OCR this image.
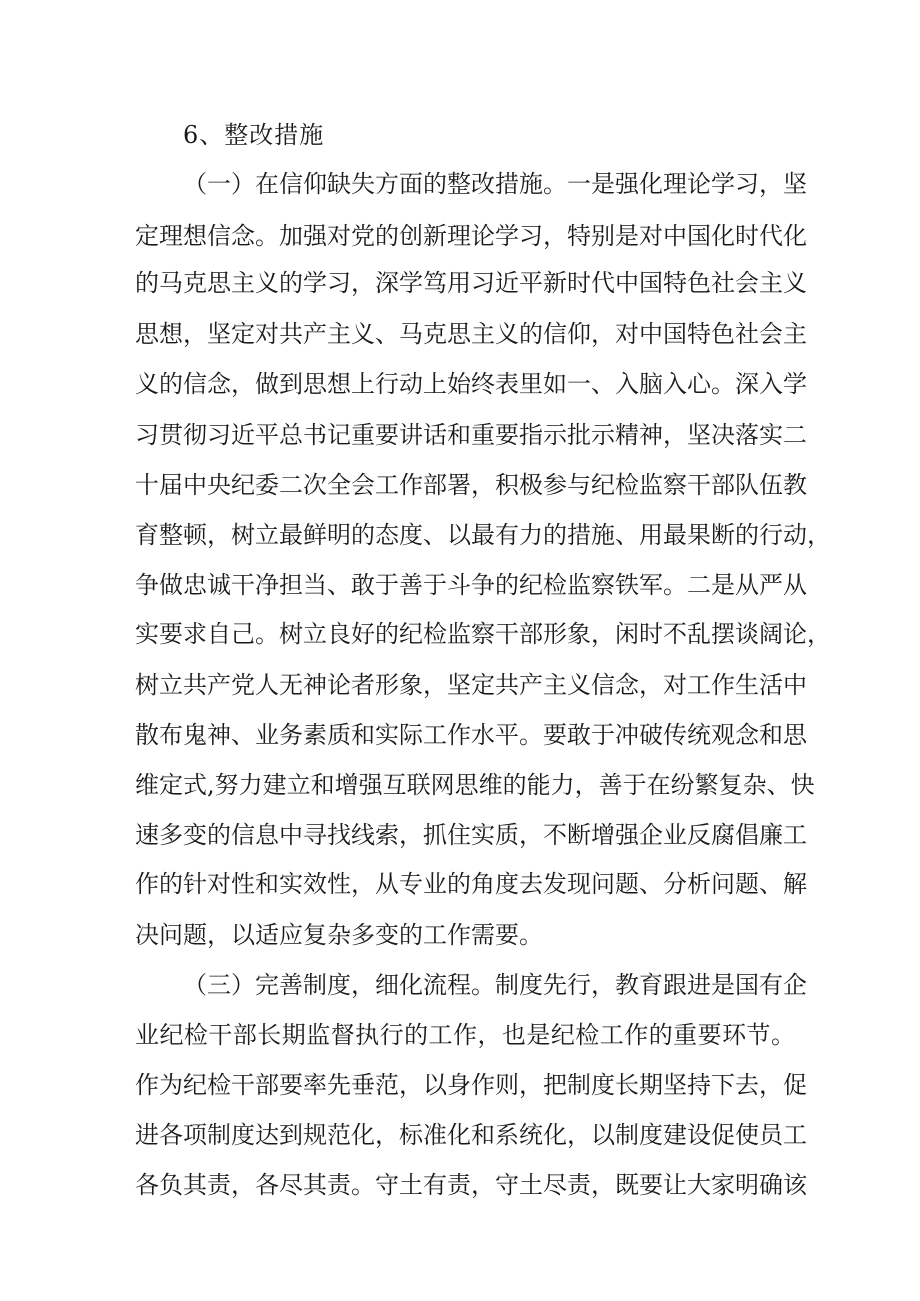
6、整改措施
（一）在信仰缺失方面的整改措施。一是强化理论学习，坚
定理想信念。加强对党的创新理论学习，特别是对中国化时代化
的马克思主义的学习，深学笃用习近平新时代中国特色社会主义
思想，坚定对共产主义、马克思主义的信仰，对中国特色社会主
义的信念，做到思想上行动上始终表里如一、入脑入心。深入学
习贯彻习近平总书记重要讲话和重要指示批示精神，坚决落实二
十届中央纪委二次全会工作部署，积极参与纪检监察干部队伍教
育整顿，树立最鲜明的态度、以最有力的措施、用最果断的行动，
争做忠诚干净担当、敢于善于斗争的纪检监察铁军。二是从严从
实要求自己。树立良好的纪检监察干部形象，闲时不乱摆谈阔论，
树立共产党人无神论者形象，坚定共产主义信念，对工作生活中
散布鬼神、业务素质和实际工作水平。要敢于冲破传统观念和思
维定式,努力建立和增强互联网思维的能力，善于在纷繁复杂、快
速多变的信息中寻找线索，抓住实质，不断增强企业反腐倡廉工
作的针对性和实效性，从专业的角度去发现问题、分析问题、解
决问题，以适应复杂多变的工作需要。
（三）完善制度，细化流程。制度先行，教育跟进是国有企
业纪检干部长期监督执行的工作，也是纪检工作的重要环节。
作为纪检干部要率先垂范，以身作则，把制度长期坚持下去，促
进各项制度达到规范化，标准化和系统化，以制度建设促使员工
各负其责，各尽其责。守土有责，守土尽责，既要让大家明确该
